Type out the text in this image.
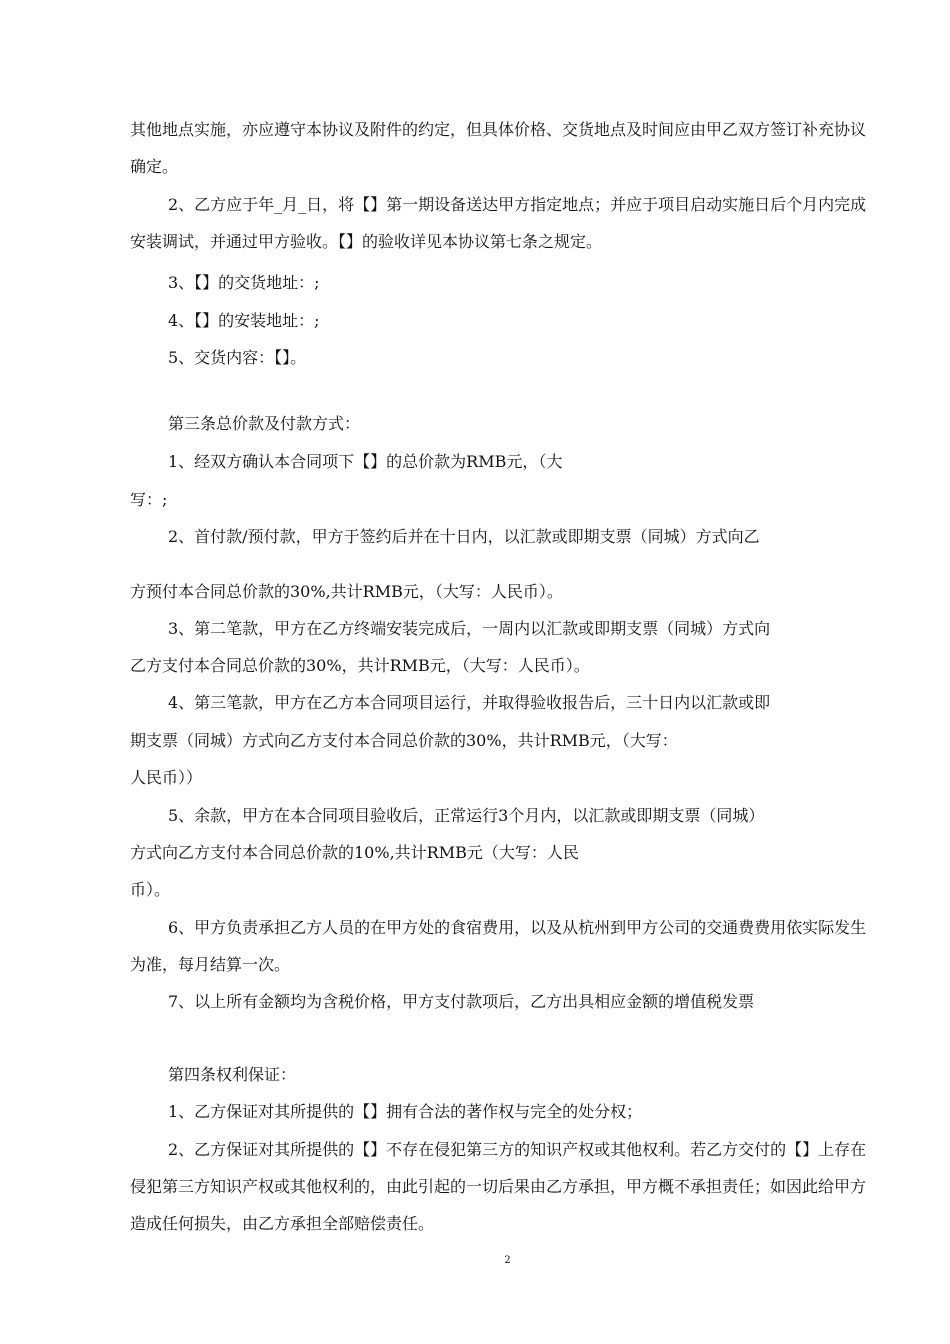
其他地点实施，亦应遵守本协议及附件的约定，但具体价格、交货地点及时间应由甲乙双方签订补充协议

确定。

2、乙方应于年_月_日，将【】第一期设备送达甲方指定地点；并应于项目启动实施日后个月内完成

安装调试，并通过甲方验收。【】的验收详见本协议第七条之规定。

3、【】的交货地址：;

4、【】的安装地址：;

5、交货内容：【】。

第三条总价款及付款方式：

1、经双方确认本合同项下【】的总价款为RMB元，（大

写：;

2、首付款/预付款，甲方于签约后并在十日内，以汇款或即期支票（同城）方式向乙

方预付本合同总价款的30%,共计RMB元，（大写：人民币）。

3、第二笔款，甲方在乙方终端安装完成后，一周内以汇款或即期支票（同城）方式向

乙方支付本合同总价款的30%，共计RMB元，（大写：人民币）。

4、第三笔款，甲方在乙方本合同项目运行，并取得验收报告后，三十日内以汇款或即

期支票（同城）方式向乙方支付本合同总价款的30%，共计RMB元，（大写：

人民币））

5、余款，甲方在本合同项目验收后，正常运行3个月内，以汇款或即期支票（同城）

方式向乙方支付本合同总价款的10%,共计RMB元（大写：人民

币）。

6、甲方负责承担乙方人员的在甲方处的食宿费用，以及从杭州到甲方公司的交通费费用依实际发生

为准，每月结算一次。

7、以上所有金额均为含税价格，甲方支付款项后，乙方出具相应金额的增值税发票

第四条权利保证：

1、乙方保证对其所提供的【】拥有合法的著作权与完全的处分权；

2、乙方保证对其所提供的【】不存在侵犯第三方的知识产权或其他权利。若乙方交付的【】上存在

侵犯第三方知识产权或其他权利的，由此引起的一切后果由乙方承担，甲方概不承担责任；如因此给甲方

造成任何损失，由乙方承担全部赔偿责任。

2
